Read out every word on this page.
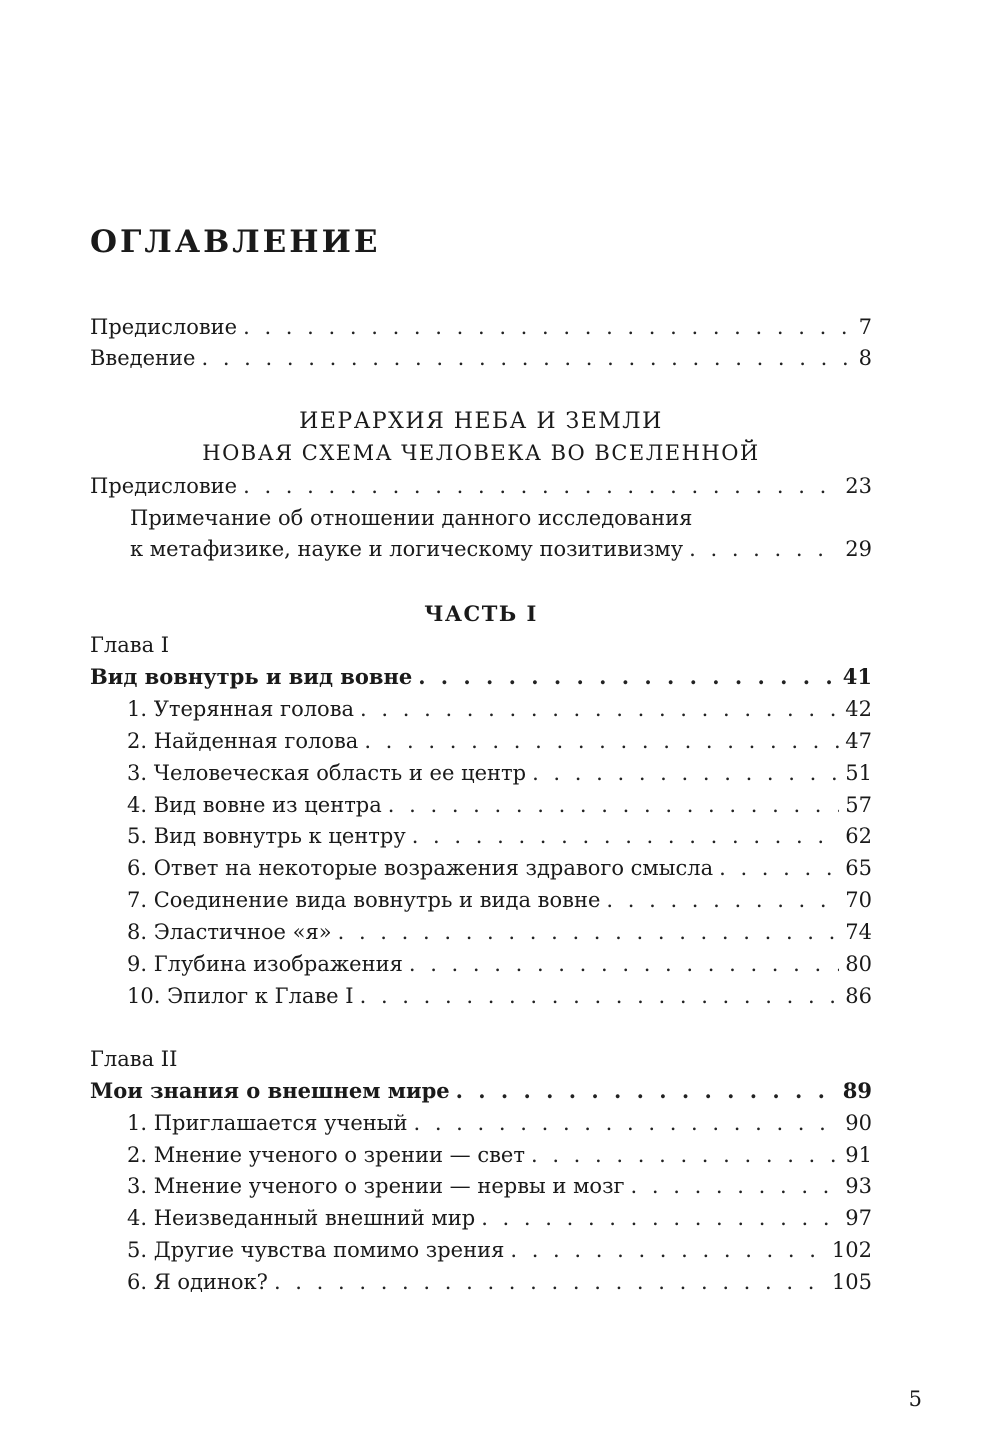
ОГЛАВЛЕНИЕ
Предисловие . . .	7
Введение . . .	8
ИЕРАРХИЯ НЕБА И ЗЕМЛИ
НОВАЯ СХЕМА ЧЕЛОВЕКА ВО ВСЕЛЕННОЙ
Предисловие . . .	23
Примечание об отношении данного исследования
к метафизике, науке и логическому позитивизму . . .	29
ЧАСТЬ I
Глава I
Вид вовнутрь и вид вовне . . .	41
1. Утерянная голова . . .	42
2. Найденная голова . . .	47
3. Человеческая область и ее центр . . .	51
4. Вид вовне из центра . . .	57
5. Вид вовнутрь к центру . . .	62
6. Ответ на некоторые возражения здравого смысла . . .	65
7. Соединение вида вовнутрь и вида вовне . . .	70
8. Эластичное «я» . . .	74
9. Глубина изображения . . .	80
10. Эпилог к Главе I . . .	86
Глава II
Мои знания о внешнем мире . . .	89
1. Приглашается ученый . . .	90
2. Мнение ученого о зрении — свет . . .	91
3. Мнение ученого о зрении — нервы и мозг . . .	93
4. Неизведанный внешний мир . . .	97
5. Другие чувства помимо зрения . . .	102
6. Я одинок? . . .	105
5
